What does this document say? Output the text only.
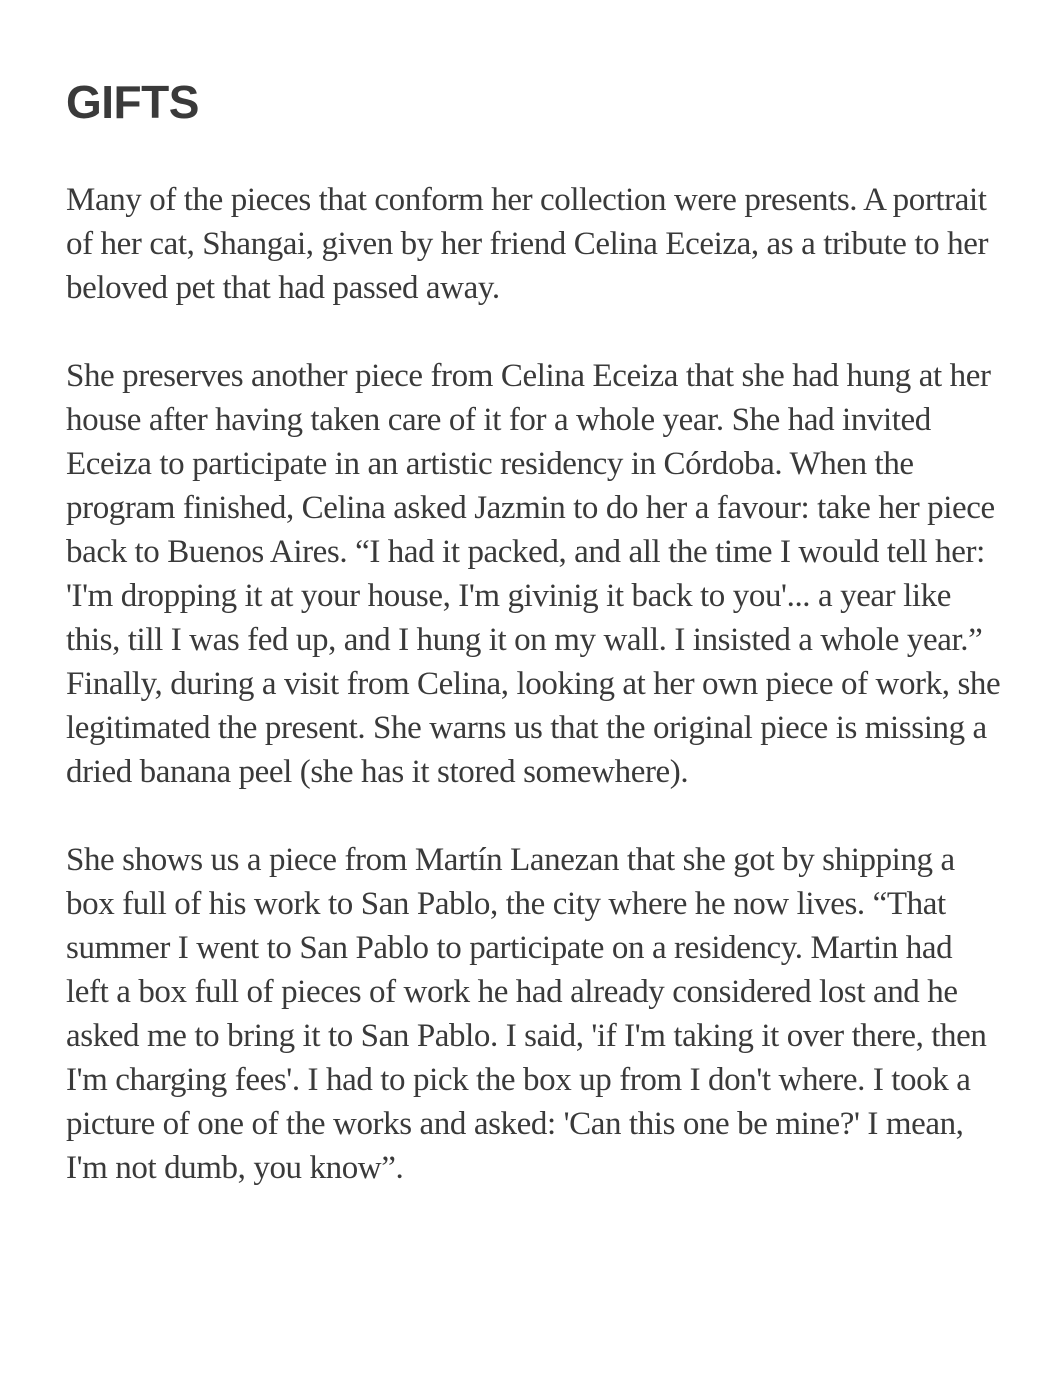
GIFTS

Many of the pieces that conform her collection were presents. A portrait of her cat, Shangai, given by her friend Celina Eceiza, as a tribute to her beloved pet that had passed away.

She preserves another piece from Celina Eceiza that she had hung at her house after having taken care of it for a whole year. She had invited Eceiza to participate in an artistic residency in Córdoba. When the program finished, Celina asked Jazmin to do her a favour: take her piece back to Buenos Aires. “I had it packed, and all the time I would tell her: 'I'm dropping it at your house, I'm givinig it back to you'... a year like this, till I was fed up, and I hung it on my wall. I insisted a whole year.” Finally, during a visit from Celina, looking at her own piece of work, she legitimated the present. She warns us that the original piece is missing a dried banana peel (she has it stored somewhere).

She shows us a piece from Martín Lanezan that she got by shipping a box full of his work to San Pablo, the city where he now lives. “That summer I went to San Pablo to participate on a residency. Martin had left a box full of pieces of work he had already considered lost and he asked me to bring it to San Pablo. I said, 'if I'm taking it over there, then I'm charging fees'. I had to pick the box up from I don't where. I took a picture of one of the works and asked: 'Can this one be mine?' I mean, I'm not dumb, you know”.
